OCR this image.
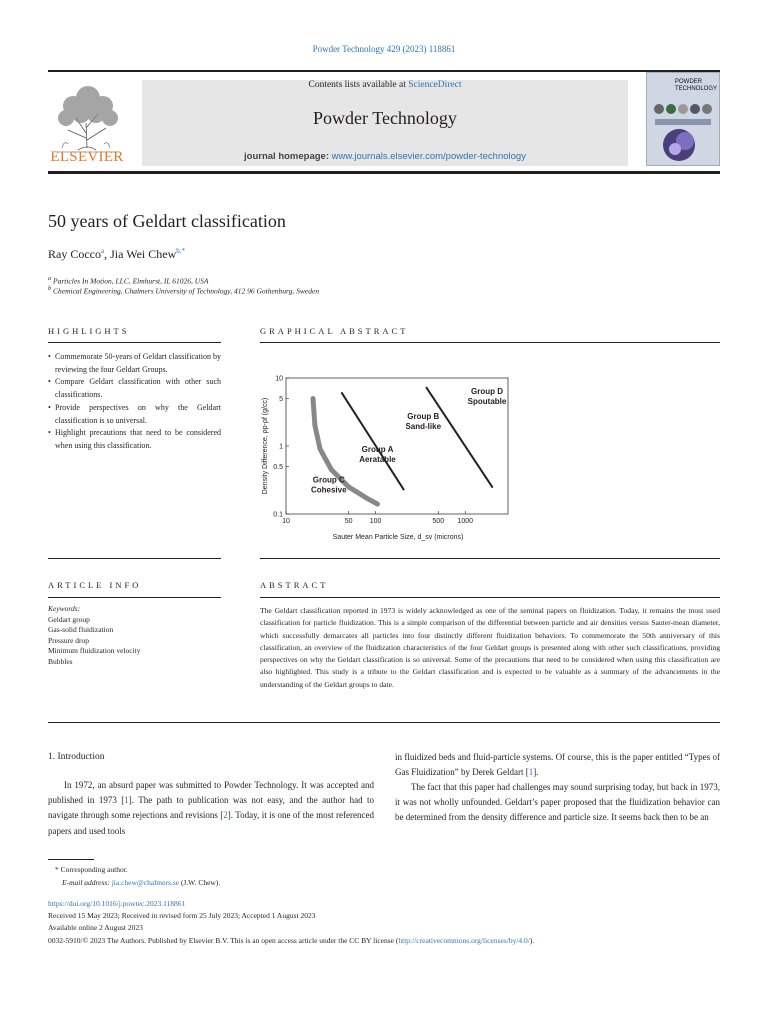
Powder Technology 429 (2023) 118861
ELSEVIER
Contents lists available at ScienceDirect
Powder Technology
journal homepage: www.journals.elsevier.com/powder-technology
POWDER TECHNOLOGY
50 years of Geldart classification
Ray Cocco$^a$, Jia Wei Chew$^{b,*}$
$^a$ Particles In Motion, LLC, Elmhurst, IL 61026, USA
$^b$ Chemical Engineering, Chalmers University of Technology, 412 96 Gothenburg, Sweden
HIGHLIGHTS
• Commemorate 50-years of Geldart classification by reviewing the four Geldart Groups.
• Compare Geldart classification with other such classifications.
• Provide perspectives on why the Geldart classification is so universal.
• Highlight precautions that need to be considered when using this classification.
GRAPHICAL ABSTRACT
10	50 100	500 1000
0.1
0.5
1
5
10
Group D
Spoutable
Group B
Sand-like
Group A
Aeratable
Group C
Cohesive
Sauter Mean Particle Size, d_sv (microns)
Density Difference, ρp-ρf (g/cc)
ARTICLE INFO
Keywords:
Geldart group
Gas-solid fluidization
Pressure drop
Minimum fluidization velocity
Bubbles
ABSTRACT
The Geldart classification reported in 1973 is widely acknowledged as one of the seminal papers on fluidization. Today, it remains the most used classification for particle fluidization. This is a simple comparison of the differential between particle and air densities versus Sauter-mean diameter, which successfully demarcates all particles into four distinctly different fluidization behaviors. To commemorate the 50th anniversary of this classification, an overview of the fluidization characteristics of the four Geldart groups is presented along with other such classifications, providing perspectives on why the Geldart classification is so universal. Some of the precautions that need to be considered when using this classification are also highlighted. This study is a tribute to the Geldart classification and is expected to be valuable as a summary of the advancements in the understanding of the Geldart groups to date.
1. Introduction
In 1972, an absurd paper was submitted to Powder Technology. It was accepted and published in 1973 [1]. The path to publication was not easy, and the author had to navigate through some rejections and revisions [2]. Today, it is one of the most referenced papers and used tools
in fluidized beds and fluid-particle systems. Of course, this is the paper entitled “Types of Gas Fluidization” by Derek Geldart [1].
The fact that this paper had challenges may sound surprising today, but back in 1973, it was not wholly unfounded. Geldart’s paper proposed that the fluidization behavior can be determined from the density difference and particle size. It seems back then to be an
* Corresponding author.
E-mail address: jia.chew@chalmers.se (J.W. Chew).
https://doi.org/10.1016/j.powtec.2023.118861
Received 15 May 2023; Received in revised form 25 July 2023; Accepted 1 August 2023
Available online 2 August 2023
0032-5910/© 2023 The Authors. Published by Elsevier B.V. This is an open access article under the CC BY license (http://creativecommons.org/licenses/by/4.0/).
